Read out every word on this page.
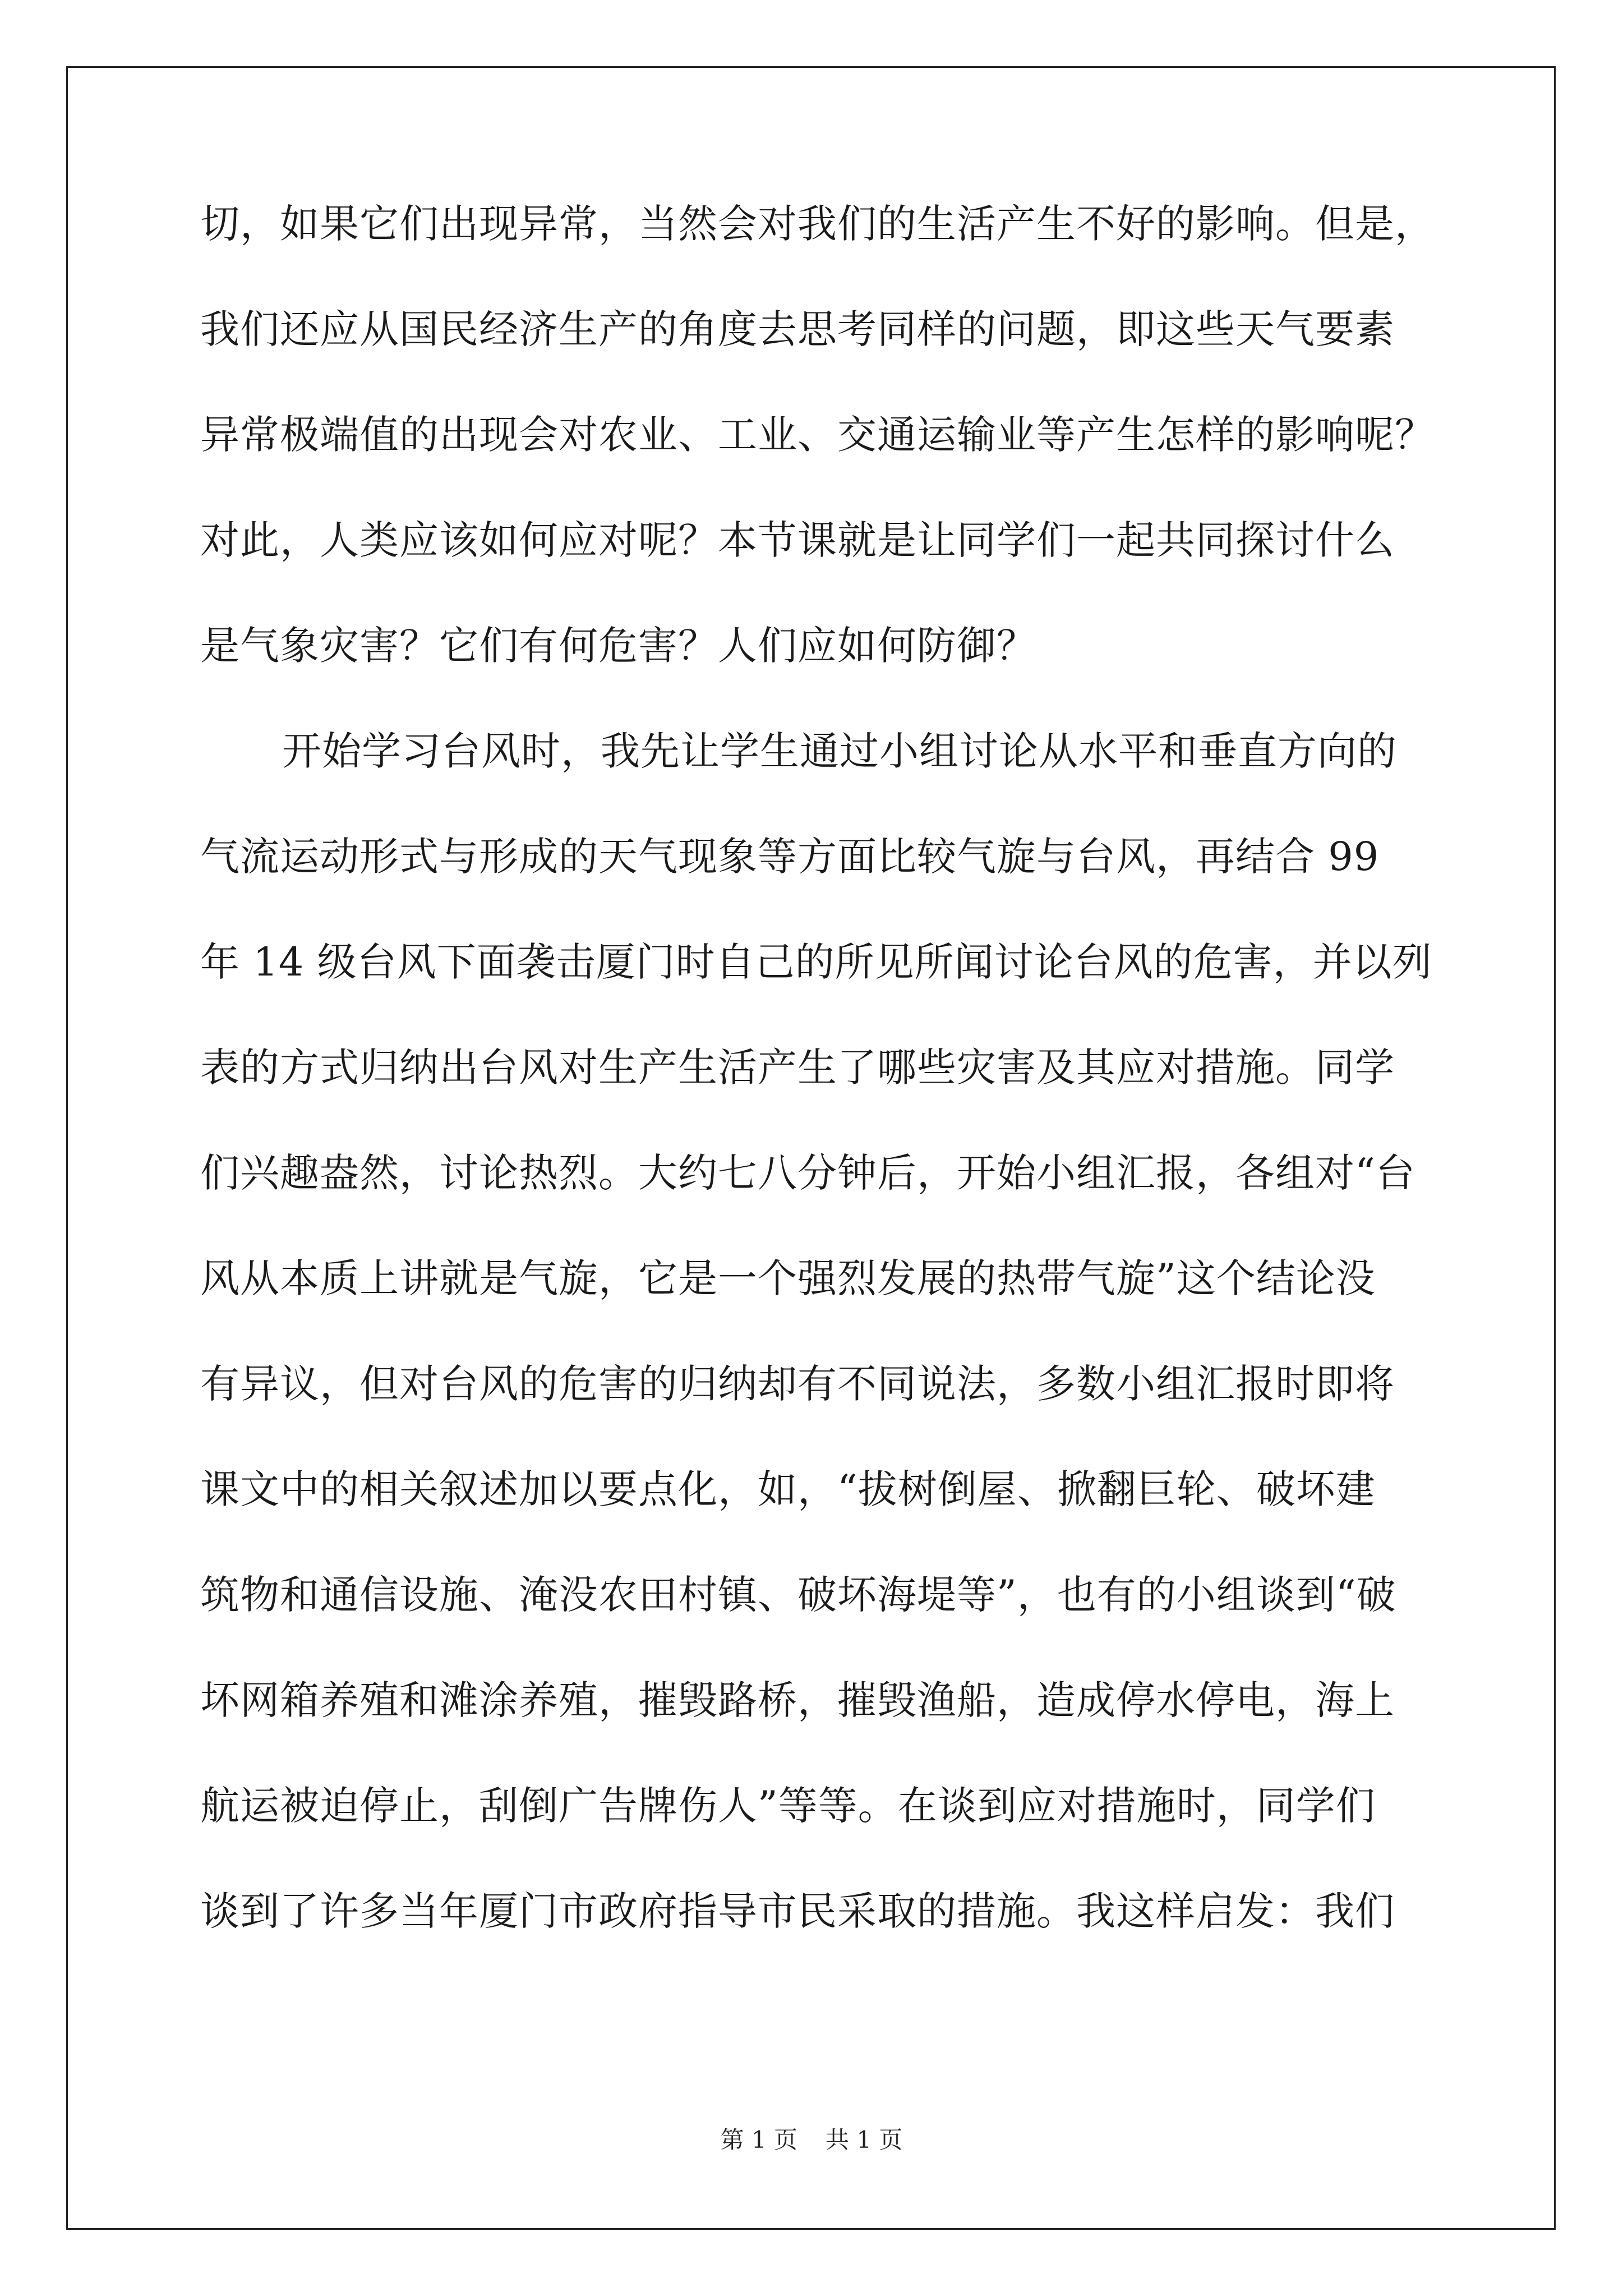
切，如果它们出现异常，当然会对我们的生活产生不好的影响。但是，
我们还应从国民经济生产的角度去思考同样的问题，即这些天气要素
异常极端值的出现会对农业、工业、交通运输业等产生怎样的影响呢？
对此，人类应该如何应对呢？本节课就是让同学们一起共同探讨什么
是气象灾害？它们有何危害？人们应如何防御？
开始学习台风时，我先让学生通过小组讨论从水平和垂直方向的
气流运动形式与形成的天气现象等方面比较气旋与台风，再结合 99
年 14 级台风下面袭击厦门时自己的所见所闻讨论台风的危害，并以列
表的方式归纳出台风对生产生活产生了哪些灾害及其应对措施。同学
们兴趣盎然，讨论热烈。大约七八分钟后，开始小组汇报，各组对“台
风从本质上讲就是气旋，它是一个强烈发展的热带气旋”这个结论没
有异议，但对台风的危害的归纳却有不同说法，多数小组汇报时即将
课文中的相关叙述加以要点化，如，“拔树倒屋、掀翻巨轮、破坏建
筑物和通信设施、淹没农田村镇、破坏海堤等”，也有的小组谈到“破
坏网箱养殖和滩涂养殖，摧毁路桥，摧毁渔船，造成停水停电，海上
航运被迫停止，刮倒广告牌伤人”等等。在谈到应对措施时，同学们
谈到了许多当年厦门市政府指导市民采取的措施。我这样启发：我们
第 1 页 共 1 页
